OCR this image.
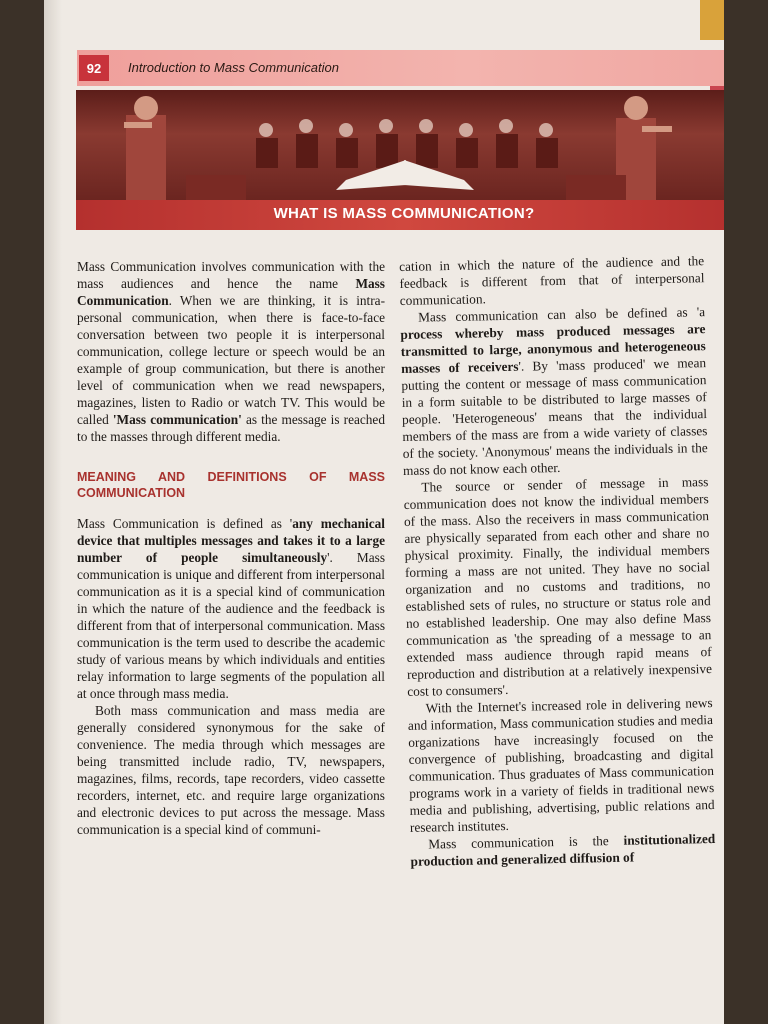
92	Introduction to Mass Communication
WHAT IS MASS COMMUNICATION?

Mass Communication involves communication with the mass audiences and hence the name Mass Communication. When we are thinking, it is intra-personal communication, when there is face-to-face conversation between two people it is interpersonal communication, college lecture or speech would be an example of group communication, but there is another level of communication when we read newspapers, magazines, listen to Radio or watch TV. This would be called 'Mass communication' as the message is reached to the masses through different media.

MEANING AND DEFINITIONS OF MASS COMMUNICATION

Mass Communication is defined as 'any mechanical device that multiples messages and takes it to a large number of people simultaneously'. Mass communication is unique and different from interpersonal communication as it is a special kind of communication in which the nature of the audience and the feedback is different from that of interpersonal communication. Mass communication is the term used to describe the academic study of various means by which individuals and entities relay information to large segments of the population all at once through mass media.

Both mass communication and mass media are generally considered synonymous for the sake of convenience. The media through which messages are being transmitted include radio, TV, newspapers, magazines, films, records, tape recorders, video cassette recorders, internet, etc. and require large organizations and electronic devices to put across the message. Mass communication is a special kind of communi-

cation in which the nature of the audience and the feedback is different from that of interpersonal communication.

Mass communication can also be defined as 'a process whereby mass produced messages are transmitted to large, anonymous and heterogeneous masses of receivers'. By 'mass produced' we mean putting the content or message of mass communication in a form suitable to be distributed to large masses of people. 'Heterogeneous' means that the individual members of the mass are from a wide variety of classes of the society. 'Anonymous' means the individuals in the mass do not know each other.

The source or sender of message in mass communication does not know the individual members of the mass. Also the receivers in mass communication are physically separated from each other and share no physical proximity. Finally, the individual members forming a mass are not united. They have no social organization and no customs and traditions, no established sets of rules, no structure or status role and no established leadership. One may also define Mass communication as 'the spreading of a message to an extended mass audience through rapid means of reproduction and distribution at a relatively inexpensive cost to consumers'.

With the Internet's increased role in delivering news and information, Mass communication studies and media organizations have increasingly focused on the convergence of publishing, broadcasting and digital communication. Thus graduates of Mass communication programs work in a variety of fields in traditional news media and publishing, advertising, public relations and research institutes.

Mass communication is the institutionalized production and generalized diffusion of
